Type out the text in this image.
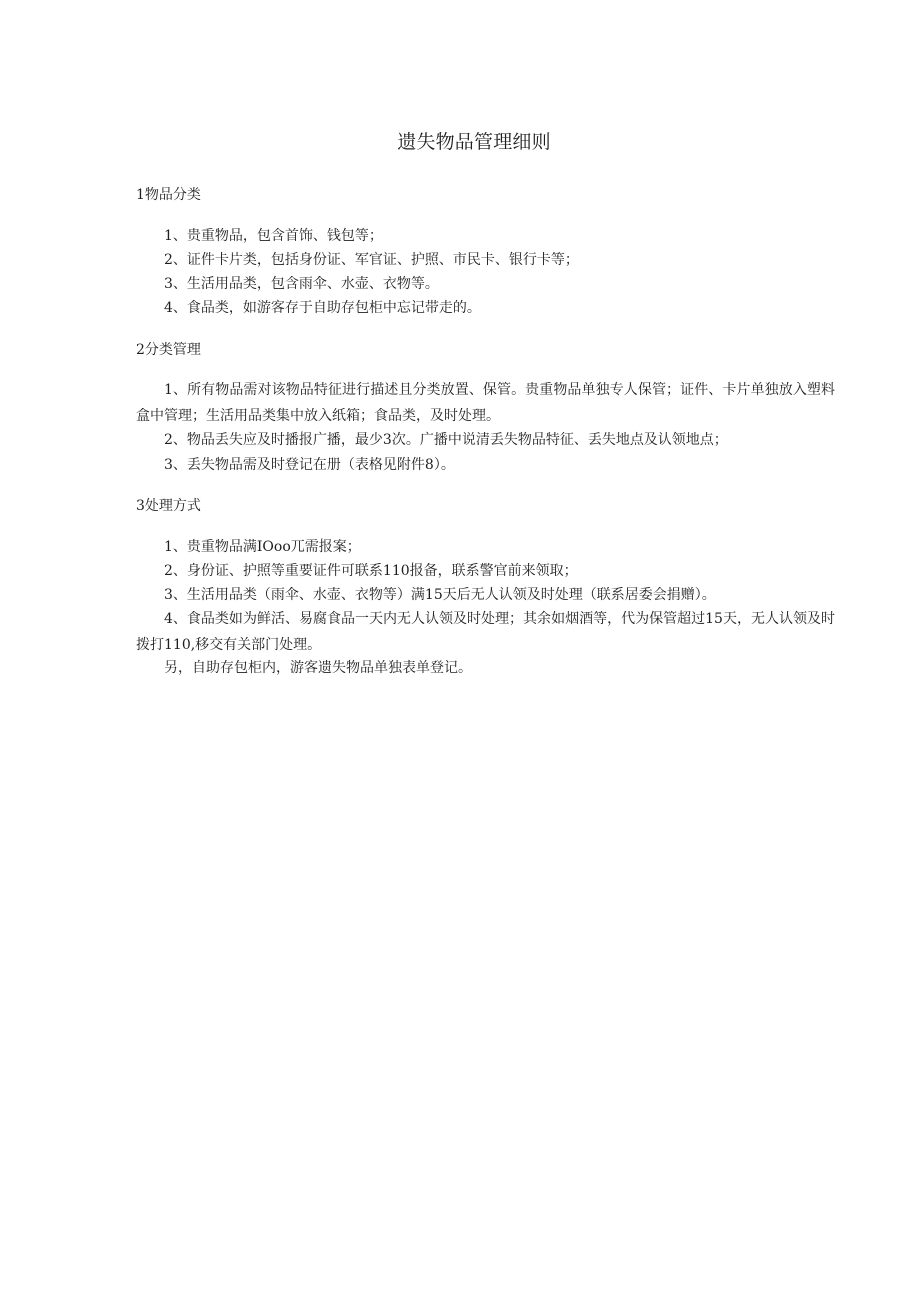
遗失物品管理细则
1物品分类
1、贵重物品，包含首饰、钱包等；
2、证件卡片类，包括身份证、军官证、护照、市民卡、银行卡等；
3、生活用品类，包含雨伞、水壶、衣物等。
4、食品类，如游客存于自助存包柜中忘记带走的。
2分类管理
1、所有物品需对该物品特征进行描述且分类放置、保管。贵重物品单独专人保管；证件、卡片单独放入塑料盒中管理；生活用品类集中放入纸箱；食品类，及时处理。
2、物品丢失应及时播报广播，最少3次。广播中说清丢失物品特征、丢失地点及认领地点；
3、丢失物品需及时登记在册（表格见附件8）。
3处理方式
1、贵重物品满IOoo兀需报案；
2、身份证、护照等重要证件可联系110报备，联系警官前来领取；
3、生活用品类（雨伞、水壶、衣物等）满15天后无人认领及时处理（联系居委会捐赠）。
4、食品类如为鲜活、易腐食品一天内无人认领及时处理；其余如烟酒等，代为保管超过15天，无人认领及时拨打110,移交有关部门处理。
另，自助存包柜内，游客遗失物品单独表单登记。
